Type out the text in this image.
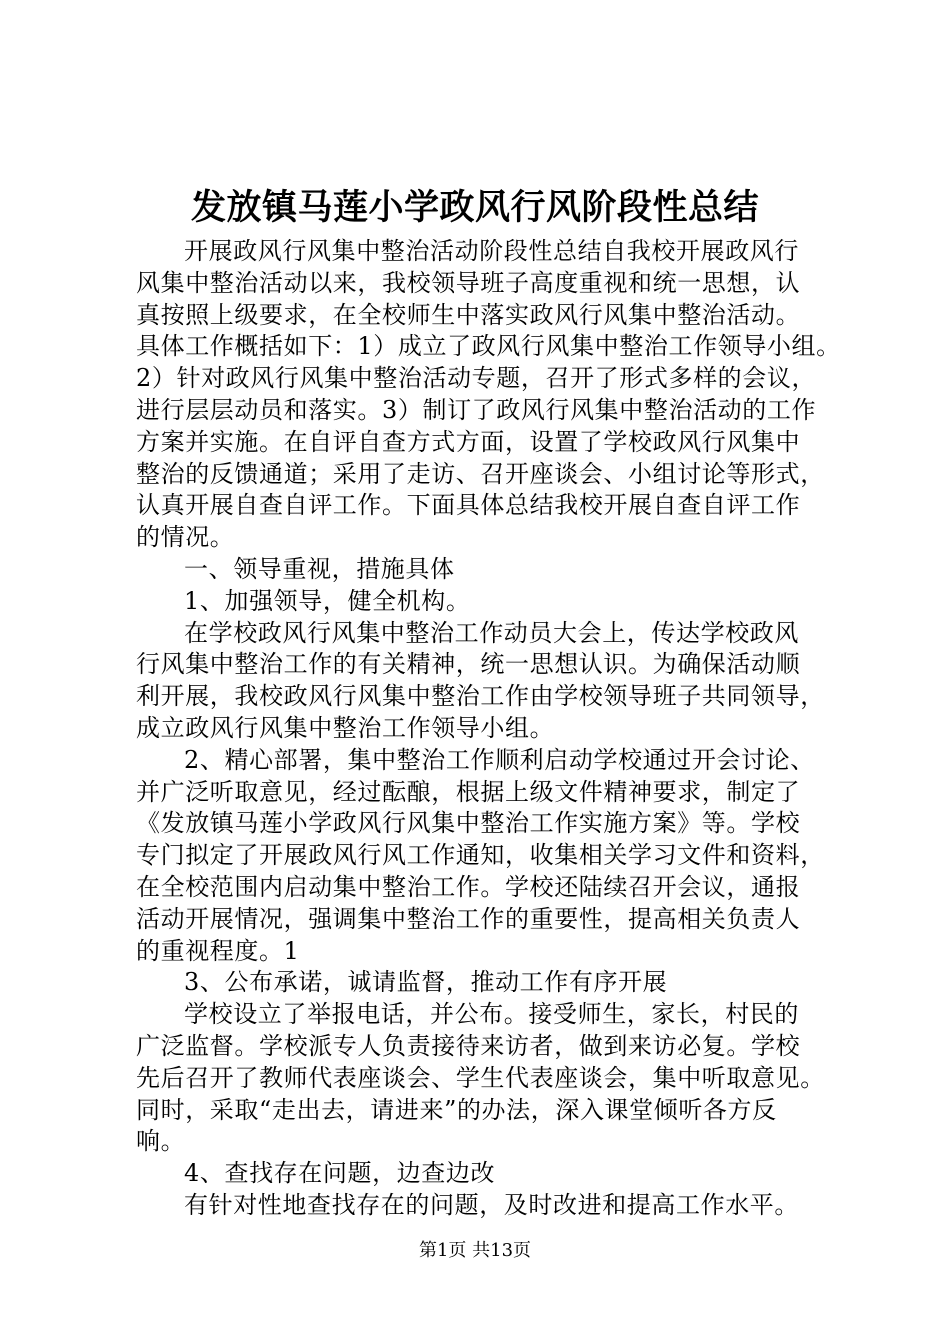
发放镇马莲小学政风行风阶段性总结
开展政风行风集中整治活动阶段性总结自我校开展政风行
风集中整治活动以来，我校领导班子高度重视和统一思想，认
真按照上级要求，在全校师生中落实政风行风集中整治活动。
具体工作概括如下：1）成立了政风行风集中整治工作领导小组。
2）针对政风行风集中整治活动专题，召开了形式多样的会议，
进行层层动员和落实。3）制订了政风行风集中整治活动的工作
方案并实施。在自评自查方式方面，设置了学校政风行风集中
整治的反馈通道；采用了走访、召开座谈会、小组讨论等形式，
认真开展自查自评工作。下面具体总结我校开展自查自评工作
的情况。
一、领导重视，措施具体
1、加强领导，健全机构。
在学校政风行风集中整治工作动员大会上，传达学校政风
行风集中整治工作的有关精神，统一思想认识。为确保活动顺
利开展，我校政风行风集中整治工作由学校领导班子共同领导，
成立政风行风集中整治工作领导小组。
2、精心部署，集中整治工作顺利启动学校通过开会讨论、
并广泛听取意见，经过酝酿，根据上级文件精神要求，制定了
《发放镇马莲小学政风行风集中整治工作实施方案》等。学校
专门拟定了开展政风行风工作通知，收集相关学习文件和资料，
在全校范围内启动集中整治工作。学校还陆续召开会议，通报
活动开展情况，强调集中整治工作的重要性，提高相关负责人
的重视程度。1
3、公布承诺，诚请监督，推动工作有序开展
学校设立了举报电话，并公布。接受师生，家长，村民的
广泛监督。学校派专人负责接待来访者，做到来访必复。学校
先后召开了教师代表座谈会、学生代表座谈会，集中听取意见。
同时，采取“走出去，请进来”的办法，深入课堂倾听各方反
响。
4、查找存在问题，边查边改
有针对性地查找存在的问题，及时改进和提高工作水平。
第1页 共13页
